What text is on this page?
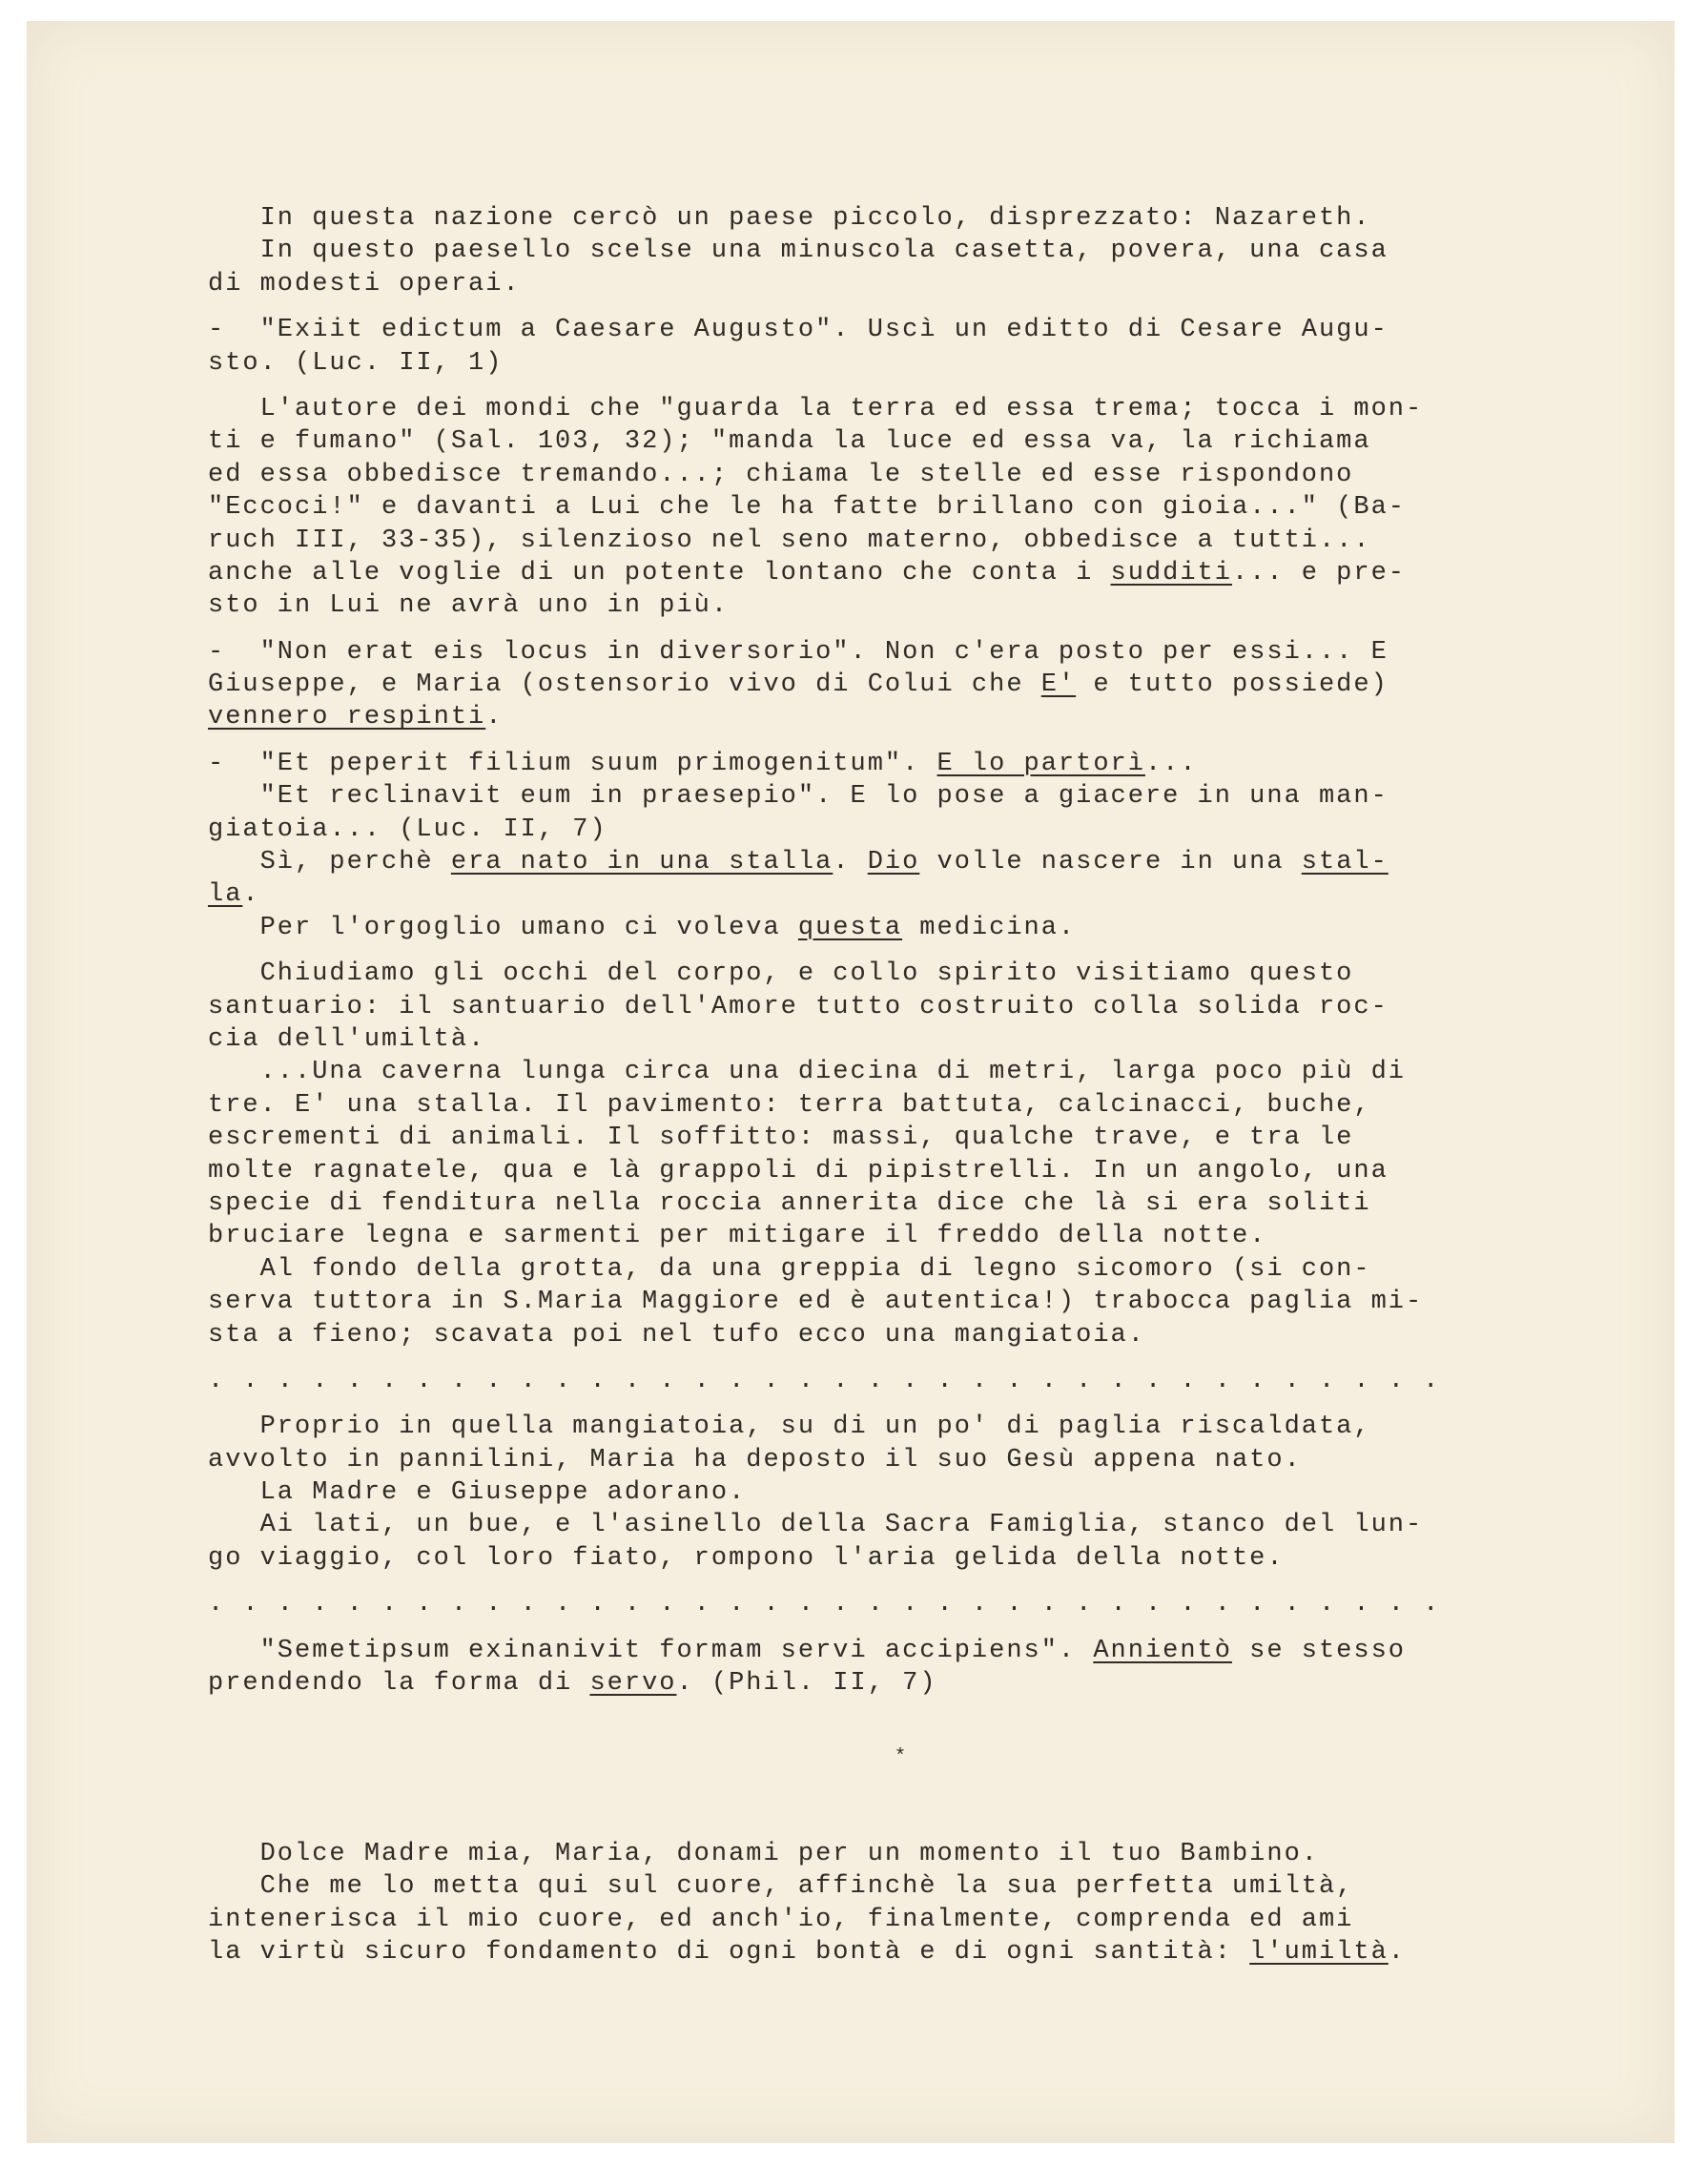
In questa nazione cercò un paese piccolo, disprezzato: Nazareth.
In questo paesello scelse una minuscola casetta, povera, una casa
di modesti operai.
-  "Exiit edictum a Caesare Augusto". Uscì un editto di Cesare Augu-
sto. (Luc. II, 1)
L'autore dei mondi che "guarda la terra ed essa trema; tocca i mon-
ti e fumano" (Sal. 103, 32); "manda la luce ed essa va, la richiama
ed essa obbedisce tremando...; chiama le stelle ed esse rispondono
"Eccoci!" e davanti a Lui che le ha fatte brillano con gioia..." (Ba-
ruch III, 33-35), silenzioso nel seno materno, obbedisce a tutti...
anche alle voglie di un potente lontano che conta i sudditi... e pre-
sto in Lui ne avrà uno in più.
-  "Non erat eis locus in diversorio". Non c'era posto per essi... E
Giuseppe, e Maria (ostensorio vivo di Colui che E' e tutto possiede)
vennero respinti.
-  "Et peperit filium suum primogenitum". E lo partorì...
"Et reclinavit eum in praesepio". E lo pose a giacere in una man-
giatoia... (Luc. II, 7)
Sì, perchè era nato in una stalla. Dio volle nascere in una stal-
la.
Per l'orgoglio umano ci voleva questa medicina.
Chiudiamo gli occhi del corpo, e collo spirito visitiamo questo
santuario: il santuario dell'Amore tutto costruito colla solida roc-
cia dell'umiltà.
...Una caverna lunga circa una diecina di metri, larga poco più di
tre. E' una stalla. Il pavimento: terra battuta, calcinacci, buche,
escrementi di animali. Il soffitto: massi, qualche trave, e tra le
molte ragnatele, qua e là grappoli di pipistrelli. In un angolo, una
specie di fenditura nella roccia annerita dice che là si era soliti
bruciare legna e sarmenti per mitigare il freddo della notte.
Al fondo della grotta, da una greppia di legno sicomoro (si con-
serva tuttora in S.Maria Maggiore ed è autentica!) trabocca paglia mi-
sta a fieno; scavata poi nel tufo ecco una mangiatoia.
. . . . . . . . . . . . . . . . . . . . . . . . . . . . . . . . . . . .
Proprio in quella mangiatoia, su di un po' di paglia riscaldata,
avvolto in pannilini, Maria ha deposto il suo Gesù appena nato.
La Madre e Giuseppe adorano.
Ai lati, un bue, e l'asinello della Sacra Famiglia, stanco del lun-
go viaggio, col loro fiato, rompono l'aria gelida della notte.
. . . . . . . . . . . . . . . . . . . . . . . . . . . . . . . . . . . .
"Semetipsum exinanivit formam servi accipiens". Annientò se stesso
prendendo la forma di servo. (Phil. II, 7)
*
Dolce Madre mia, Maria, donami per un momento il tuo Bambino.
Che me lo metta qui sul cuore, affinchè la sua perfetta umiltà,
intenerisca il mio cuore, ed anch'io, finalmente, comprenda ed ami
la virtù sicuro fondamento di ogni bontà e di ogni santità: l'umiltà.
